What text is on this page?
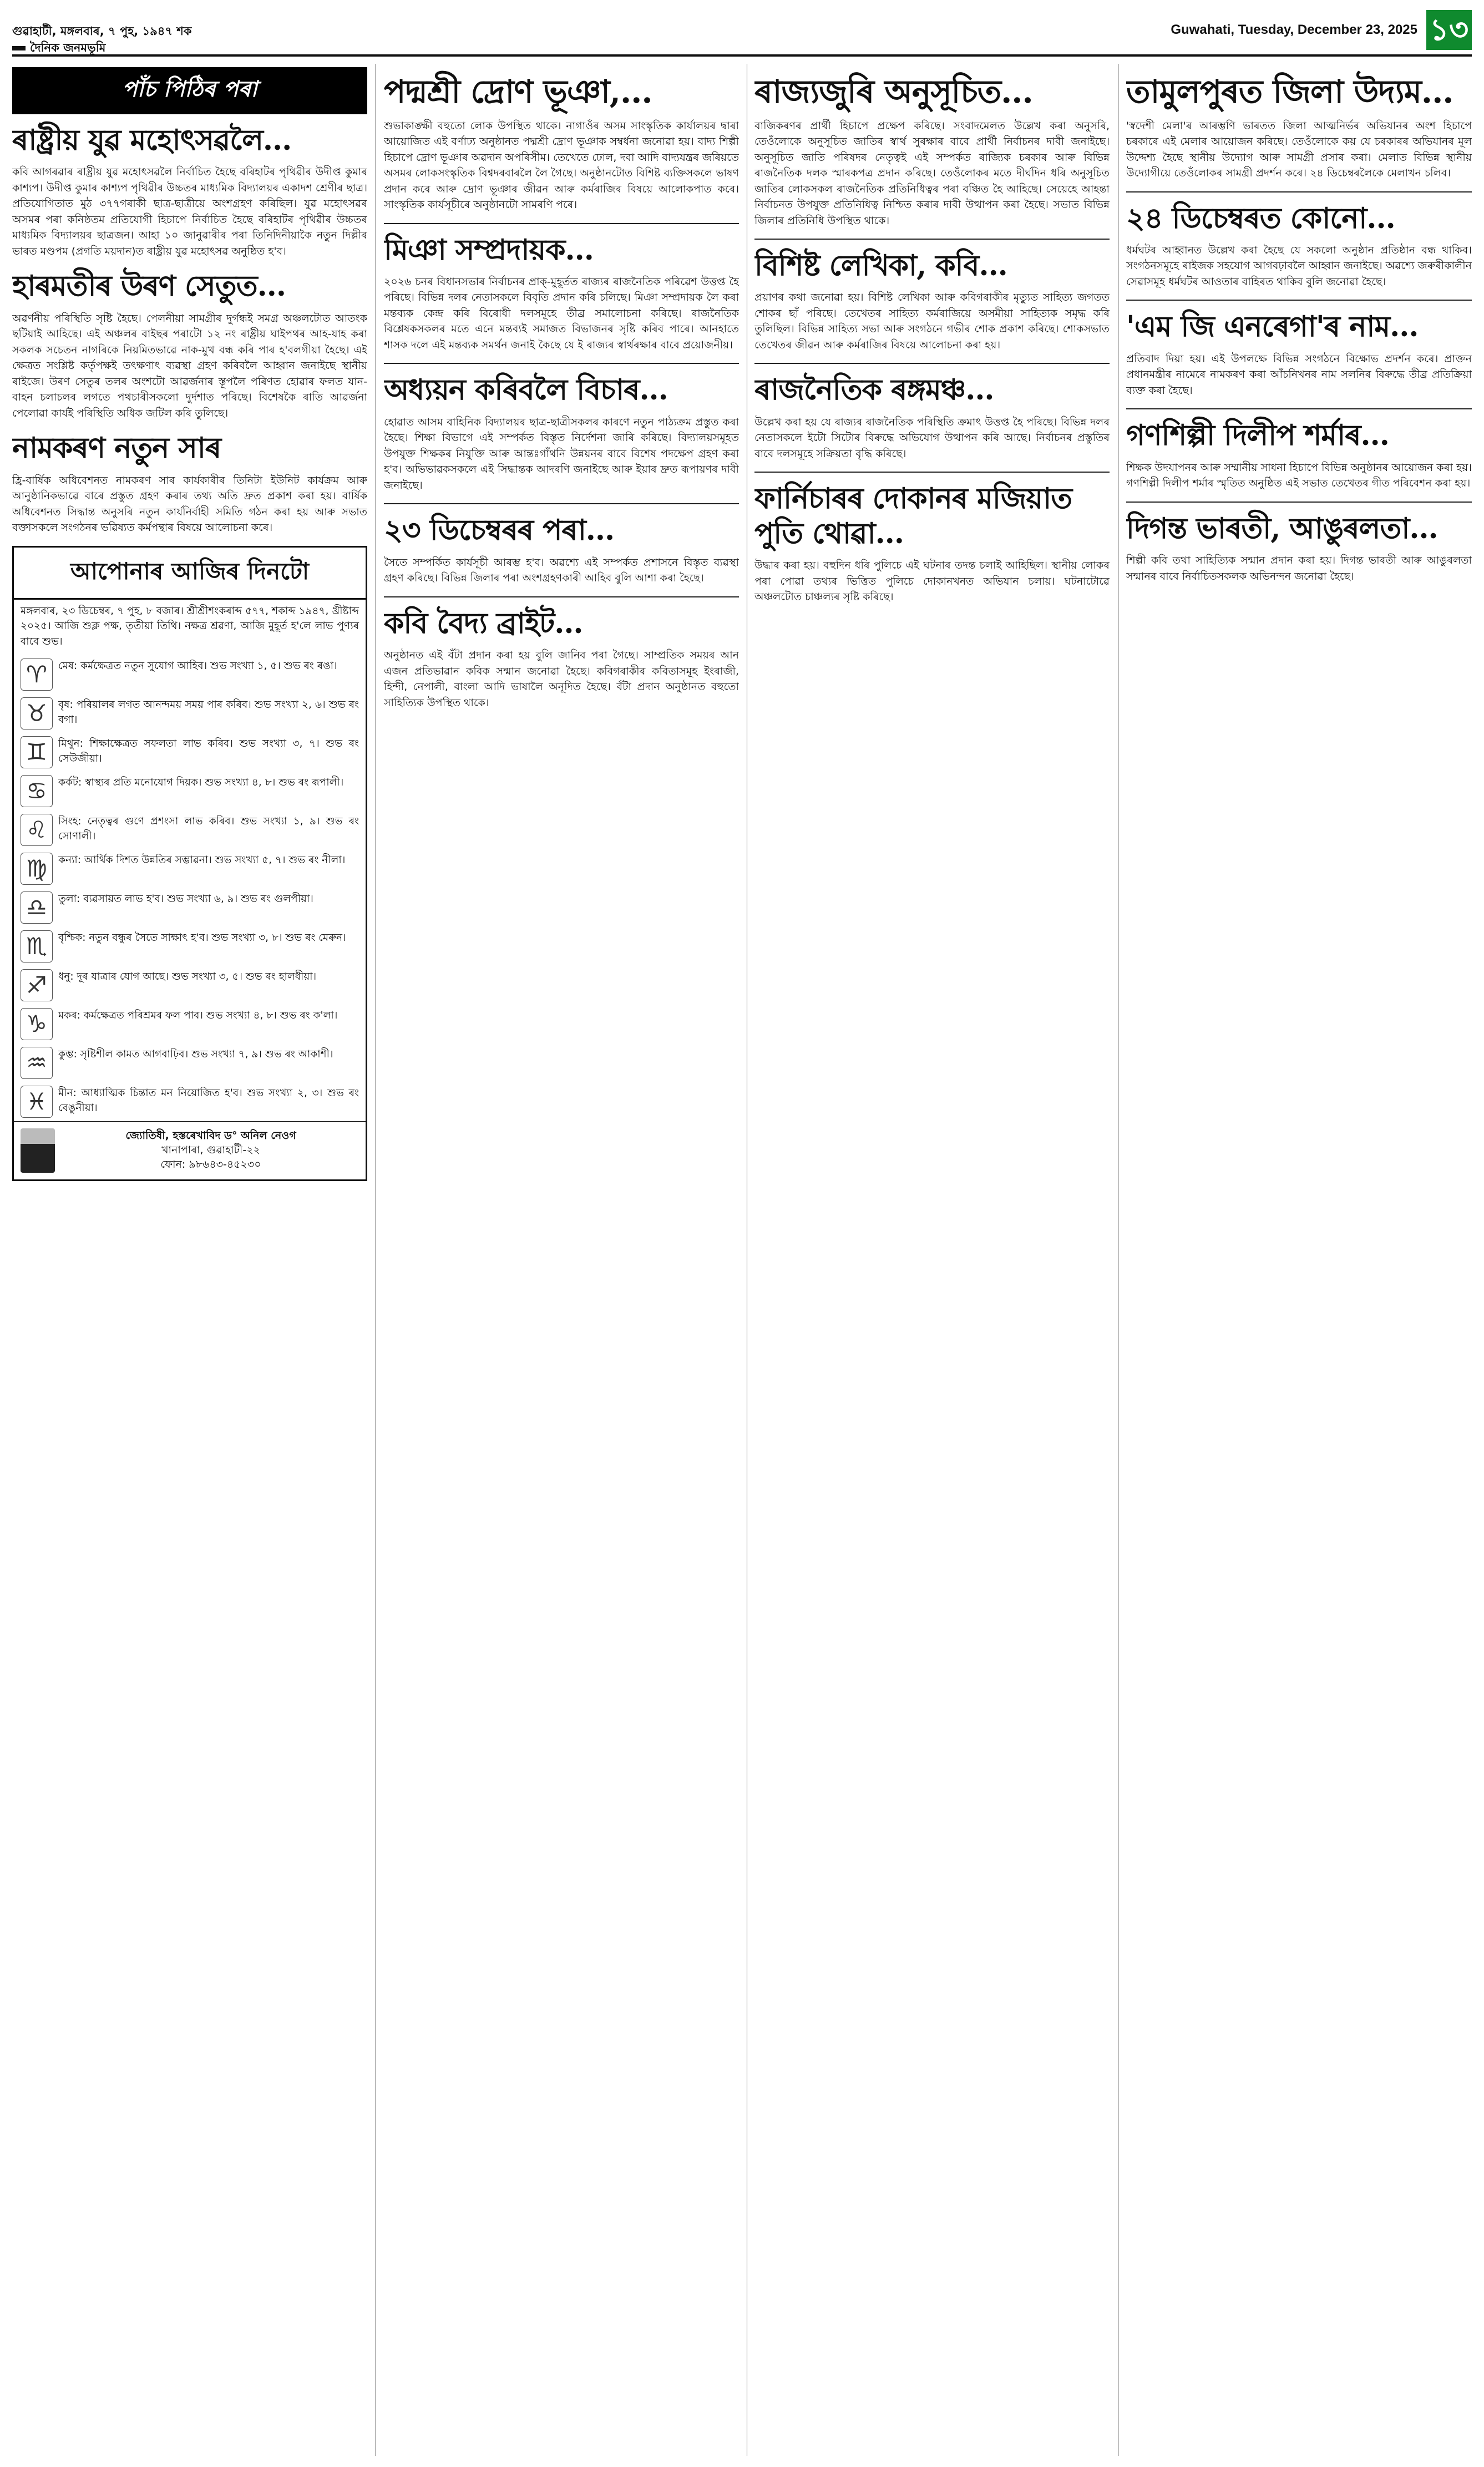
গুৱাহাটী, মঙ্গলবাৰ, ৭ পুহ, ১৯৪৭ শক
দৈনিক জনমভূমি
Guwahati, Tuesday, December 23, 2025 ১৩
পাঁচ পিঠিৰ পৰা
ৰাষ্ট্ৰীয় যুৱ মহোৎসৱলৈ...
কবি আগৰৱাৰ ৰাষ্ট্ৰীয় যুৱ মহোৎসৱলৈ নিৰ্বাচিত হৈছে বৰিহাটৰ পৃথিৱীৰ উদীপ্ত কুমাৰ কাশ্যপ। উদীপ্ত কুমাৰ কাশ্যপ পৃথিৱীৰ উচ্চতৰ মাধ্যমিক বিদ্যালয়ৰ একাদশ শ্ৰেণীৰ ছাত্ৰ। প্ৰতিযোগিতাত মুঠ ৩৭৭গৰাকী ছাত্ৰ-ছাত্ৰীয়ে অংশগ্ৰহণ কৰিছিল। যুৱ মহোৎসৱৰ অসমৰ পৰা কনিষ্ঠতম প্ৰতিযোগী হিচাপে নিৰ্বাচিত হৈছে বৰিহাটৰ পৃথিৱীৰ উচ্চতৰ মাধ্যমিক বিদ্যালয়ৰ ছাত্ৰজন। আহা ১০ জানুৱাৰীৰ পৰা তিনিদিনীয়াকৈ নতুন দিল্লীৰ ভাৰত মণ্ডপম (প্ৰগতি ময়দান)ত ৰাষ্ট্ৰীয় যুৱ মহোৎসৱ অনুষ্ঠিত হ'ব।
হাৰমতীৰ উৰণ সেতুত...
অৱৰ্ণনীয় পৰিস্থিতি সৃষ্টি হৈছে। পেলনীয়া সামগ্ৰীৰ দুৰ্গন্ধই সমগ্ৰ অঞ্চলটোত আতংক ছটিয়াই আহিছে। এই অঞ্চলৰ বাইছৰ পৰাটো ১২ নং ৰাষ্ট্ৰীয় ঘাইপথৰ আহ-যাহ কৰা সকলক সচেতন নাগৰিকে নিয়মিতভাৱে নাক-মুখ বন্ধ কৰি পাৰ হ'বলগীয়া হৈছে। এই ক্ষেত্ৰত সংশ্লিষ্ট কৰ্তৃপক্ষই তৎক্ষণাৎ ব্যৱস্থা গ্ৰহণ কৰিবলৈ আহ্বান জনাইছে স্থানীয় ৰাইজে। উৰণ সেতুৰ তলৰ অংশটো আৱৰ্জনাৰ স্তূপলৈ পৰিণত হোৱাৰ ফলত যান-বাহন চলাচলৰ লগতে পথচাৰীসকলো দুৰ্দশাত পৰিছে। বিশেষকৈ ৰাতি আৱৰ্জনা পেলোৱা কাৰ্যই পৰিস্থিতি অধিক জটিল কৰি তুলিছে।
নামকৰণ নতুন সাৰ
হ্ৰি-বাৰ্ষিক অধিবেশনত নামকৰণ সাৰ কাৰ্যকাৰীৰ তিনিটা ইউনিট কাৰ্যক্ৰম আৰু আনুষ্ঠানিকভাৱে বাৰে প্ৰস্তুত গ্ৰহণ কৰাৰ তথ্য অতি দ্ৰুত প্ৰকাশ কৰা হয়। বাৰ্ষিক অধিবেশনত সিদ্ধান্ত অনুসৰি নতুন কাৰ্যনিৰ্বাহী সমিতি গঠন কৰা হয় আৰু সভাত বক্তাসকলে সংগঠনৰ ভৱিষ্যত কৰ্মপন্থাৰ বিষয়ে আলোচনা কৰে।
আপোনাৰ আজিৰ দিনটো
মঙ্গলবাৰ, ২৩ ডিচেম্বৰ, ৭ পুহ, ৮ বজাৰ। শ্ৰীশ্ৰীশংকৰাব্দ ৫৭৭, শকাব্দ ১৯৪৭, খ্ৰীষ্টাব্দ ২০২৫। আজি শুক্ল পক্ষ, তৃতীয়া তিথি। নক্ষত্ৰ শ্ৰৱণা, আজি মুহূৰ্ত হ'লে লাভ পুণ্যৰ বাবে শুভ।
♈	মেষ: কৰ্মক্ষেত্ৰত নতুন সুযোগ আহিব। শুভ সংখ্যা ১, ৫। শুভ ৰং ৰঙা।
♉	বৃষ: পৰিয়ালৰ লগত আনন্দময় সময় পাৰ কৰিব। শুভ সংখ্যা ২, ৬। শুভ ৰং বগা।
♊	মিথুন: শিক্ষাক্ষেত্ৰত সফলতা লাভ কৰিব। শুভ সংখ্যা ৩, ৭। শুভ ৰং সেউজীয়া।
♋	কৰ্কট: স্বাস্থ্যৰ প্ৰতি মনোযোগ দিয়ক। শুভ সংখ্যা ৪, ৮। শুভ ৰং ৰূপালী।
♌	সিংহ: নেতৃত্বৰ গুণে প্ৰশংসা লাভ কৰিব। শুভ সংখ্যা ১, ৯। শুভ ৰং সোণালী।
♍	কন্যা: আৰ্থিক দিশত উন্নতিৰ সম্ভাৱনা। শুভ সংখ্যা ৫, ৭। শুভ ৰং নীলা।
♎	তুলা: ব্যৱসায়ত লাভ হ'ব। শুভ সংখ্যা ৬, ৯। শুভ ৰং গুলপীয়া।
♏	বৃশ্চিক: নতুন বন্ধুৰ সৈতে সাক্ষাৎ হ'ব। শুভ সংখ্যা ৩, ৮। শুভ ৰং মেৰুন।
♐	ধনু: দূৰ যাত্ৰাৰ যোগ আছে। শুভ সংখ্যা ৩, ৫। শুভ ৰং হালধীয়া।
♑	মকৰ: কৰ্মক্ষেত্ৰত পৰিশ্ৰমৰ ফল পাব। শুভ সংখ্যা ৪, ৮। শুভ ৰং ক'লা।
♒	কুম্ভ: সৃষ্টিশীল কামত আগবাঢ়িব। শুভ সংখ্যা ৭, ৯। শুভ ৰং আকাশী।
♓	মীন: আধ্যাত্মিক চিন্তাত মন নিয়োজিত হ'ব। শুভ সংখ্যা ২, ৩। শুভ ৰং বেঙুনীয়া।
জ্যোতিষী, হস্তৰেখাবিদ ড° অনিল নেওগ
খানাপাৰা, গুৱাহাটী-২২
ফোন: ৯৮৬৪৩-৪৫২৩০
পদ্মশ্ৰী দ্ৰোণ ভূঞা,...
শুভাকাঙ্ক্ষী বহুতো লোক উপস্থিত থাকে। নাগাওঁৰ অসম সাংস্কৃতিক কাৰ্যালয়ৰ দ্বাৰা আয়োজিত এই বৰ্ণাঢ্য অনুষ্ঠানত পদ্মশ্ৰী দ্ৰোণ ভূঞাক সম্বৰ্ধনা জনোৱা হয়। বাদ্য শিল্পী হিচাপে দ্ৰোণ ভূঞাৰ অৱদান অপৰিসীম। তেখেতে ঢোল, দবা আদি বাদ্যযন্ত্ৰৰ জৰিয়তে অসমৰ লোকসংস্কৃতিক বিশ্বদৰবাৰলৈ লৈ গৈছে। অনুষ্ঠানটোত বিশিষ্ট ব্যক্তিসকলে ভাষণ প্ৰদান কৰে আৰু দ্ৰোণ ভূঞাৰ জীৱন আৰু কৰ্মৰাজিৰ বিষয়ে আলোকপাত কৰে। সাংস্কৃতিক কাৰ্যসূচীৰে অনুষ্ঠানটো সামৰণি পৰে।
মিঞা সম্প্ৰদায়ক...
২০২৬ চনৰ বিধানসভাৰ নিৰ্বাচনৰ প্ৰাক্-মুহূৰ্তত ৰাজ্যৰ ৰাজনৈতিক পৰিৱেশ উত্তপ্ত হৈ পৰিছে। বিভিন্ন দলৰ নেতাসকলে বিবৃতি প্ৰদান কৰি চলিছে। মিঞা সম্প্ৰদায়ক লৈ কৰা মন্তব্যক কেন্দ্ৰ কৰি বিৰোধী দলসমূহে তীব্ৰ সমালোচনা কৰিছে। ৰাজনৈতিক বিশ্লেষকসকলৰ মতে এনে মন্তব্যই সমাজত বিভাজনৰ সৃষ্টি কৰিব পাৰে। আনহাতে শাসক দলে এই মন্তব্যক সমৰ্থন জনাই কৈছে যে ই ৰাজ্যৰ স্বাৰ্থৰক্ষাৰ বাবে প্ৰয়োজনীয়।
অধ্যয়ন কৰিবলৈ বিচাৰ...
হোৱাত আসম বাহিনিক বিদ্যালয়ৰ ছাত্ৰ-ছাত্ৰীসকলৰ কাৰণে নতুন পাঠ্যক্ৰম প্ৰস্তুত কৰা হৈছে। শিক্ষা বিভাগে এই সম্পৰ্কত বিস্তৃত নিৰ্দেশনা জাৰি কৰিছে। বিদ্যালয়সমূহত উপযুক্ত শিক্ষকৰ নিযুক্তি আৰু আন্তঃগাঁথনি উন্নয়নৰ বাবে বিশেষ পদক্ষেপ গ্ৰহণ কৰা হ'ব। অভিভাৱকসকলে এই সিদ্ধান্তক আদৰণি জনাইছে আৰু ইয়াৰ দ্ৰুত ৰূপায়ণৰ দাবী জনাইছে।
২৩ ডিচেম্বৰৰ পৰা...
সৈতে সম্পৰ্কিত কাৰ্যসূচী আৰম্ভ হ'ব। অৱশ্যে এই সম্পৰ্কত প্ৰশাসনে বিস্তৃত ব্যৱস্থা গ্ৰহণ কৰিছে। বিভিন্ন জিলাৰ পৰা অংশগ্ৰহণকাৰী আহিব বুলি আশা কৰা হৈছে।
কবি বৈদ্য ব্ৰাইট...
অনুষ্ঠানত এই বঁটা প্ৰদান কৰা হয় বুলি জানিব পৰা গৈছে। সাম্প্ৰতিক সময়ৰ আন এজন প্ৰতিভাৱান কবিক সন্মান জনোৱা হৈছে। কবিগৰাকীৰ কবিতাসমূহ ইংৰাজী, হিন্দী, নেপালী, বাংলা আদি ভাষালৈ অনূদিত হৈছে। বঁটা প্ৰদান অনুষ্ঠানত বহুতো সাহিত্যিক উপস্থিত থাকে।
ৰাজ্যজুৰি অনুসূচিত...
বাজিকৰণৰ প্ৰাৰ্থী হিচাপে প্ৰক্ষেপ কৰিছে। সংবাদমেলত উল্লেখ কৰা অনুসৰি, তেওঁলোকে অনুসূচিত জাতিৰ স্বাৰ্থ সুৰক্ষাৰ বাবে প্ৰাৰ্থী নিৰ্বাচনৰ দাবী জনাইছে। অনুসূচিত জাতি পৰিষদৰ নেতৃত্বই এই সম্পৰ্কত ৰাজ্যিক চৰকাৰ আৰু বিভিন্ন ৰাজনৈতিক দলক স্মাৰকপত্ৰ প্ৰদান কৰিছে। তেওঁলোকৰ মতে দীৰ্ঘদিন ধৰি অনুসূচিত জাতিৰ লোকসকল ৰাজনৈতিক প্ৰতিনিধিত্বৰ পৰা বঞ্চিত হৈ আহিছে। সেয়েহে আহন্তা নিৰ্বাচনত উপযুক্ত প্ৰতিনিধিত্ব নিশ্চিত কৰাৰ দাবী উত্থাপন কৰা হৈছে। সভাত বিভিন্ন জিলাৰ প্ৰতিনিধি উপস্থিত থাকে।
বিশিষ্ট লেখিকা, কবি...
প্ৰয়াণৰ কথা জনোৱা হয়। বিশিষ্ট লেখিকা আৰু কবিগৰাকীৰ মৃত্যুত সাহিত্য জগতত শোকৰ ছাঁ পৰিছে। তেখেতৰ সাহিত্য কৰ্মৰাজিয়ে অসমীয়া সাহিত্যক সমৃদ্ধ কৰি তুলিছিল। বিভিন্ন সাহিত্য সভা আৰু সংগঠনে গভীৰ শোক প্ৰকাশ কৰিছে। শোকসভাত তেখেতৰ জীৱন আৰু কৰ্মৰাজিৰ বিষয়ে আলোচনা কৰা হয়।
ৰাজনৈতিক ৰঙ্গমঞ্চ...
উল্লেখ কৰা হয় যে ৰাজ্যৰ ৰাজনৈতিক পৰিস্থিতি ক্ৰমাৎ উত্তপ্ত হৈ পৰিছে। বিভিন্ন দলৰ নেতাসকলে ইটো সিটোৰ বিৰুদ্ধে অভিযোগ উত্থাপন কৰি আছে। নিৰ্বাচনৰ প্ৰস্তুতিৰ বাবে দলসমূহে সক্ৰিয়তা বৃদ্ধি কৰিছে।
ফাৰ্নিচাৰৰ দোকানৰ মজিয়াত পুতি থোৱা...
উদ্ধাৰ কৰা হয়। বহুদিন ধৰি পুলিচে এই ঘটনাৰ তদন্ত চলাই আহিছিল। স্থানীয় লোকৰ পৰা পোৱা তথ্যৰ ভিত্তিত পুলিচে দোকানখনত অভিযান চলায়। ঘটনাটোৱে অঞ্চলটোত চাঞ্চল্যৰ সৃষ্টি কৰিছে।
তামুলপুৰত জিলা উদ্যম...
'স্বদেশী মেলা'ৰ আৰম্ভণি ভাৰতত জিলা আত্মনিৰ্ভৰ অভিযানৰ অংশ হিচাপে চৰকাৰে এই মেলাৰ আয়োজন কৰিছে। তেওঁলোকে কয় যে চৰকাৰৰ অভিযানৰ মূল উদ্দেশ্য হৈছে স্থানীয় উদ্যোগ আৰু সামগ্ৰী প্ৰসাৰ কৰা। মেলাত বিভিন্ন স্থানীয় উদ্যোগীয়ে তেওঁলোকৰ সামগ্ৰী প্ৰদৰ্শন কৰে। ২৪ ডিচেম্বৰলৈকে মেলাখন চলিব।
২৪ ডিচেম্বৰত কোনো...
ধৰ্মঘটৰ আহ্বানত উল্লেখ কৰা হৈছে যে সকলো অনুষ্ঠান প্ৰতিষ্ঠান বন্ধ থাকিব। সংগঠনসমূহে ৰাইজক সহযোগ আগবঢ়াবলৈ আহ্বান জনাইছে। অৱশ্যে জৰুৰীকালীন সেৱাসমূহ ধৰ্মঘটৰ আওতাৰ বাহিৰত থাকিব বুলি জনোৱা হৈছে।
'এম জি এনৰেগা'ৰ নাম...
প্ৰতিবাদ দিয়া হয়। এই উপলক্ষে বিভিন্ন সংগঠনে বিক্ষোভ প্ৰদৰ্শন কৰে। প্ৰাক্তন প্ৰধানমন্ত্ৰীৰ নামেৰে নামকৰণ কৰা আঁচনিখনৰ নাম সলনিৰ বিৰুদ্ধে তীব্ৰ প্ৰতিক্ৰিয়া ব্যক্ত কৰা হৈছে।
গণশিল্পী দিলীপ শৰ্মাৰ...
শিক্ষক উদযাপনৰ আৰু সম্মানীয় সাধনা হিচাপে বিভিন্ন অনুষ্ঠানৰ আয়োজন কৰা হয়। গণশিল্পী দিলীপ শৰ্মাৰ স্মৃতিত অনুষ্ঠিত এই সভাত তেখেতৰ গীত পৰিবেশন কৰা হয়।
দিগন্ত ভাৰতী, আঙুৰলতা...
শিল্পী কবি তথা সাহিত্যিক সন্মান প্ৰদান কৰা হয়। দিগন্ত ভাৰতী আৰু আঙুৰলতা সন্মানৰ বাবে নিৰ্বাচিতসকলক অভিনন্দন জনোৱা হৈছে।
